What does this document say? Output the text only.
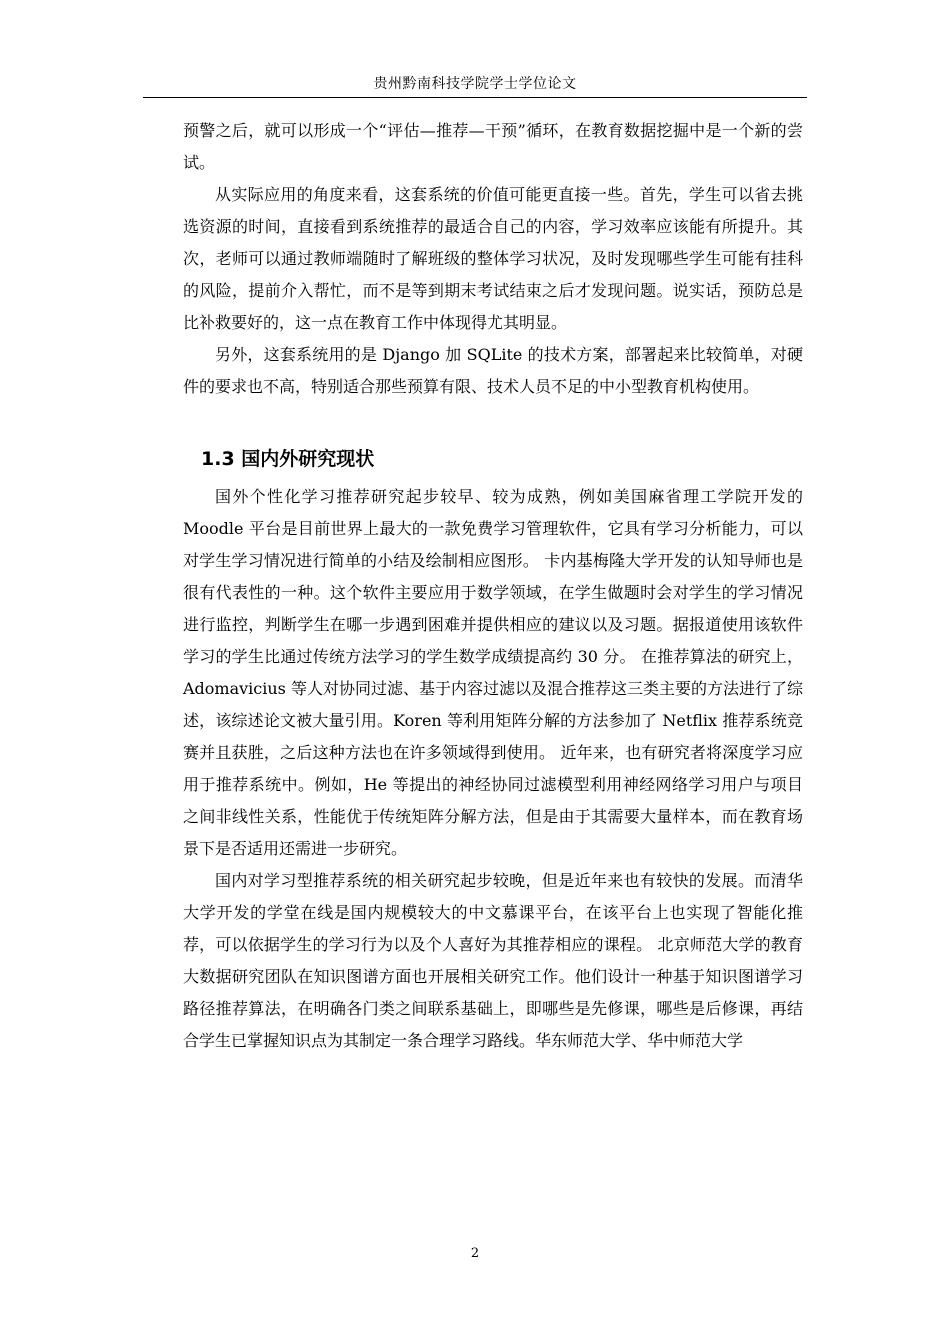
贵州黔南科技学院学士学位论文

预警之后，就可以形成一个“评估—推荐—干预”循环，在教育数据挖掘中是一个新的尝试。

从实际应用的角度来看，这套系统的价值可能更直接一些。首先，学生可以省去挑选资源的时间，直接看到系统推荐的最适合自己的内容，学习效率应该能有所提升。其次，老师可以通过教师端随时了解班级的整体学习状况，及时发现哪些学生可能有挂科的风险，提前介入帮忙，而不是等到期末考试结束之后才发现问题。说实话，预防总是比补救要好的，这一点在教育工作中体现得尤其明显。

另外，这套系统用的是 Django 加 SQLite 的技术方案，部署起来比较简单，对硬件的要求也不高，特别适合那些预算有限、技术人员不足的中小型教育机构使用。

1.3 国内外研究现状

国外个性化学习推荐研究起步较早、较为成熟，例如美国麻省理工学院开发的 Moodle 平台是目前世界上最大的一款免费学习管理软件，它具有学习分析能力，可以对学生学习情况进行简单的小结及绘制相应图形。 卡内基梅隆大学开发的认知导师也是很有代表性的一种。这个软件主要应用于数学领域，在学生做题时会对学生的学习情况进行监控，判断学生在哪一步遇到困难并提供相应的建议以及习题。据报道使用该软件学习的学生比通过传统方法学习的学生数学成绩提高约 30 分。 在推荐算法的研究上，Adomavicius 等人对协同过滤、基于内容过滤以及混合推荐这三类主要的方法进行了综述，该综述论文被大量引用。Koren 等利用矩阵分解的方法参加了 Netflix 推荐系统竞赛并且获胜，之后这种方法也在许多领域得到使用。 近年来，也有研究者将深度学习应用于推荐系统中。例如，He 等提出的神经协同过滤模型利用神经网络学习用户与项目之间非线性关系，性能优于传统矩阵分解方法，但是由于其需要大量样本，而在教育场景下是否适用还需进一步研究。

国内对学习型推荐系统的相关研究起步较晚，但是近年来也有较快的发展。而清华大学开发的学堂在线是国内规模较大的中文慕课平台，在该平台上也实现了智能化推荐，可以依据学生的学习行为以及个人喜好为其推荐相应的课程。 北京师范大学的教育大数据研究团队在知识图谱方面也开展相关研究工作。他们设计一种基于知识图谱学习路径推荐算法，在明确各门类之间联系基础上，即哪些是先修课，哪些是后修课，再结合学生已掌握知识点为其制定一条合理学习路线。华东师范大学、华中师范大学

2
